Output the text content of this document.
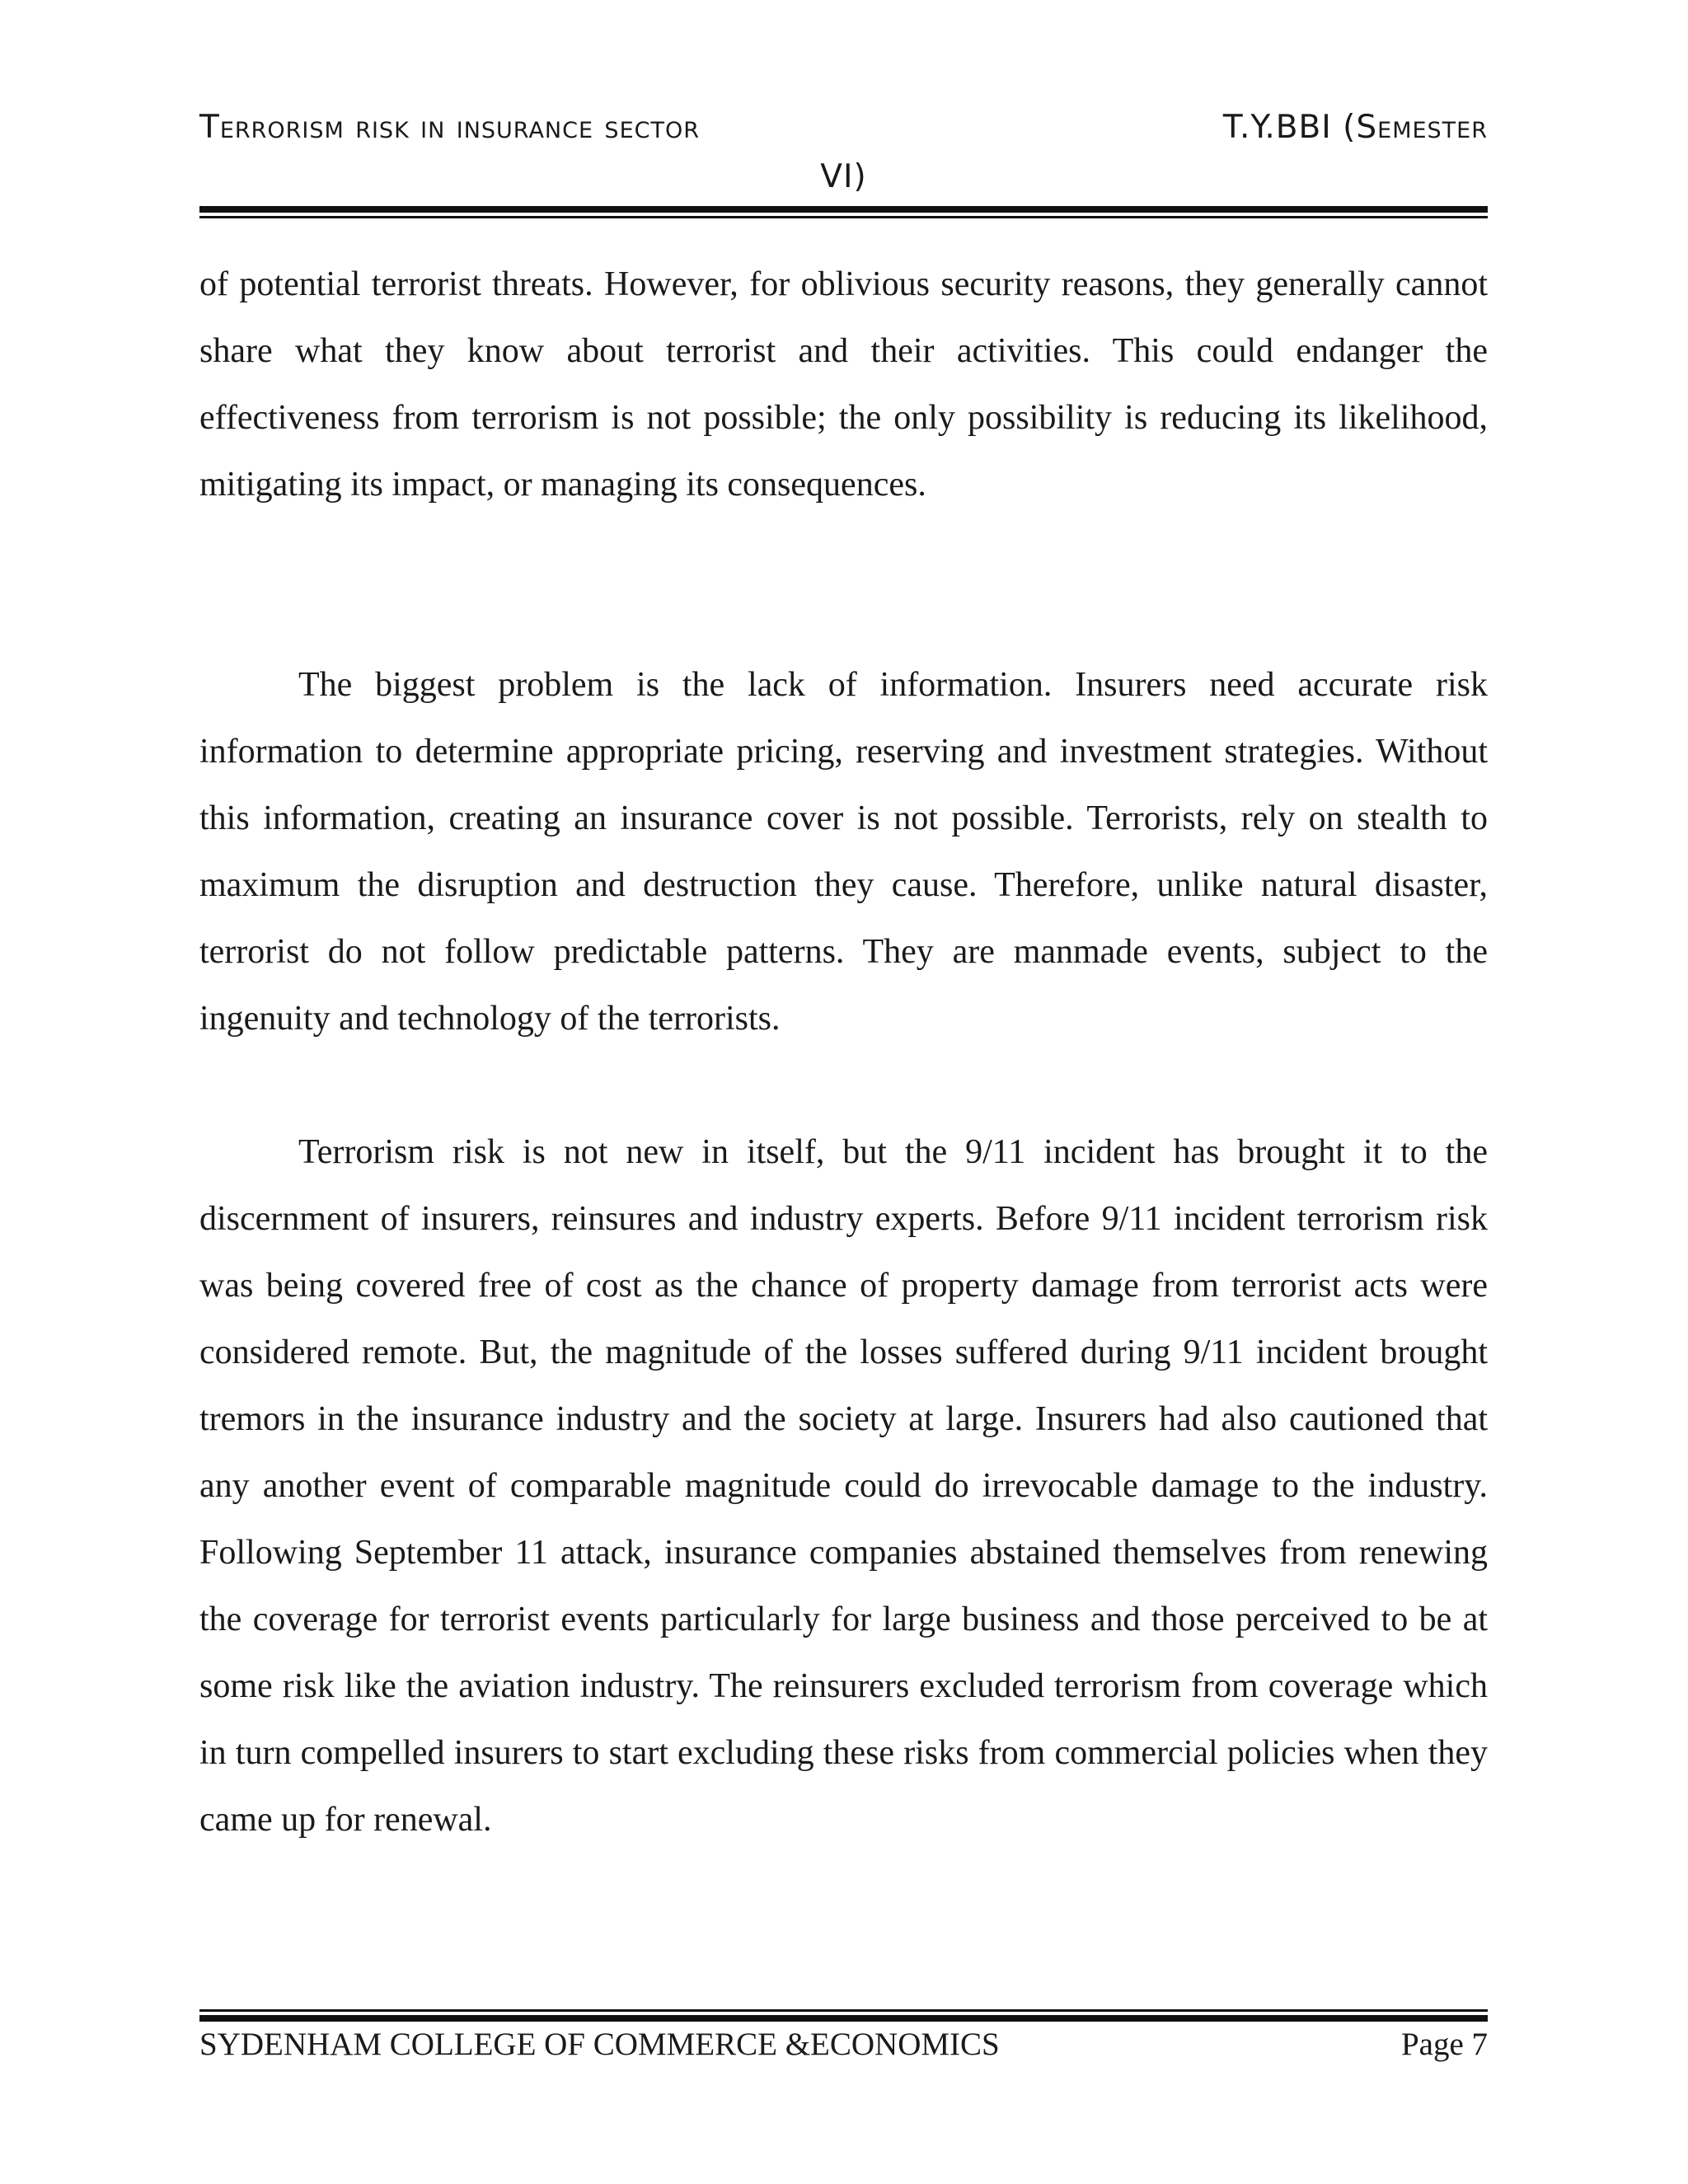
Terrorism risk in insurance sector	T.Y.BBI (Semester
VI)

of potential terrorist threats. However, for oblivious security reasons, they generally cannot share what they know about terrorist and their activities. This could endanger the effectiveness from terrorism is not possible; the only possibility is reducing its likelihood, mitigating its impact, or managing its consequences.

The biggest problem is the lack of information. Insurers need accurate risk information to determine appropriate pricing, reserving and investment strategies. Without this information, creating an insurance cover is not possible. Terrorists, rely on stealth to maximum the disruption and destruction they cause. Therefore, unlike natural disaster, terrorist do not follow predictable patterns. They are manmade events, subject to the ingenuity and technology of the terrorists.

Terrorism risk is not new in itself, but the 9/11 incident has brought it to the discernment of insurers, reinsures and industry experts. Before 9/11 incident terrorism risk was being covered free of cost as the chance of property damage from terrorist acts were considered remote. But, the magnitude of the losses suffered during 9/11 incident brought tremors in the insurance industry and the society at large. Insurers had also cautioned that any another event of comparable magnitude could do irrevocable damage to the industry. Following September 11 attack, insurance companies abstained themselves from renewing the coverage for terrorist events particularly for large business and those perceived to be at some risk like the aviation industry. The reinsurers excluded terrorism from coverage which in turn compelled insurers to start excluding these risks from commercial policies when they came up for renewal.

SYDENHAM COLLEGE OF COMMERCE &ECONOMICS	Page 7
